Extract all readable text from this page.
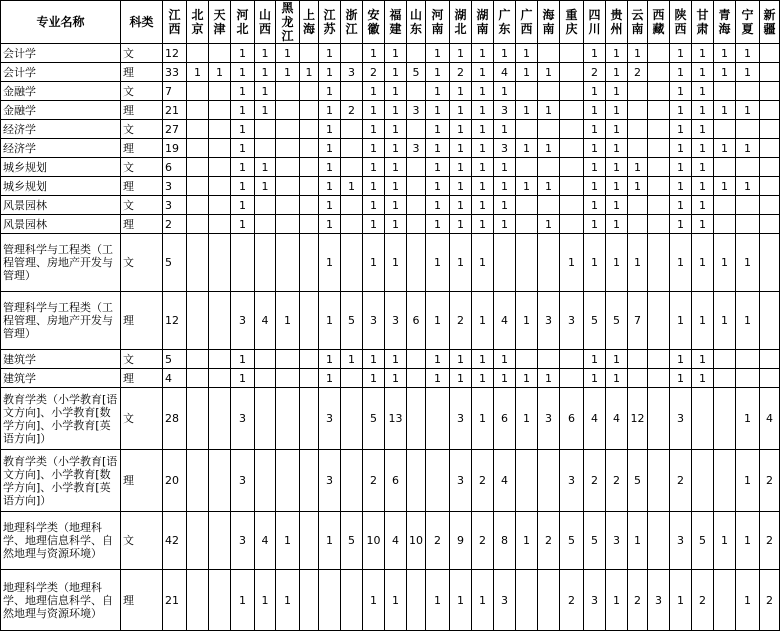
专业名称	科类	江西	北京	天津	河北	山西	黑龙江	上海	江苏	浙江	安徽	福建	山东	河南	湖北	湖南	广东	广西	海南	重庆	四川	贵州	云南	西藏	陕西	甘肃	青海	宁夏	新疆

会计学	文	12			1	1	1		1		1	1		1	1	1	1	1			1	1	1		1	1	1	1	
会计学	理	33	1	1	1	1	1	1	1	3	2	1	5	1	2	1	4	1	1		2	1	2		1	1	1	1	
金融学	文	7			1	1			1		1	1		1	1	1	1				1	1			1	1			
金融学	理	21			1	1			1	2	1	1	3	1	1	1	3	1	1		1	1			1	1	1	1	
经济学	文	27			1				1		1	1		1	1	1	1				1	1			1	1			
经济学	理	19			1				1		1	1	3	1	1	1	3	1	1		1	1			1	1	1	1	
城乡规划	文	6			1	1			1		1	1		1	1	1	1				1	1	1		1	1			
城乡规划	理	3			1	1			1	1	1	1		1	1	1	1	1	1		1	1	1		1	1	1	1	
风景园林	文	3			1				1		1	1		1	1	1	1				1	1			1	1			
风景园林	理	2			1				1		1	1		1	1	1	1		1		1	1			1	1			
管理科学与工程类（工程管理、房地产开发与管理）	文	5							1		1	1		1	1	1				1	1	1	1		1	1	1	1	
管理科学与工程类（工程管理、房地产开发与管理）	理	12			3	4	1		1	5	3	3	6	1	2	1	4	1	3	3	5	5	7		1	1	1	1	
建筑学	文	5			1				1	1	1	1		1	1	1	1				1	1			1	1			
建筑学	理	4			1				1		1	1		1	1	1	1	1	1		1	1			1	1			
教育学类（小学教育[语文方向]、小学教育[数学方向]、小学教育[英语方向]）	文	28			3				3		5	13			3	1	6	1	3	6	4	4	12		3			1	4
教育学类（小学教育[语文方向]、小学教育[数学方向]、小学教育[英语方向]）	理	20			3				3		2	6			3	2	4			3	2	2	5		2			1	2
地理科学类（地理科学、地理信息科学、自然地理与资源环境）	文	42			3	4	1		1	5	10	4	10	2	9	2	8	1	2	5	5	3	1		3	5	1	1	2
地理科学类（地理科学、地理信息科学、自然地理与资源环境）	理	21			1	1	1				1	1		1	1	1	3			2	3	1	2	3	1	2		1	2
